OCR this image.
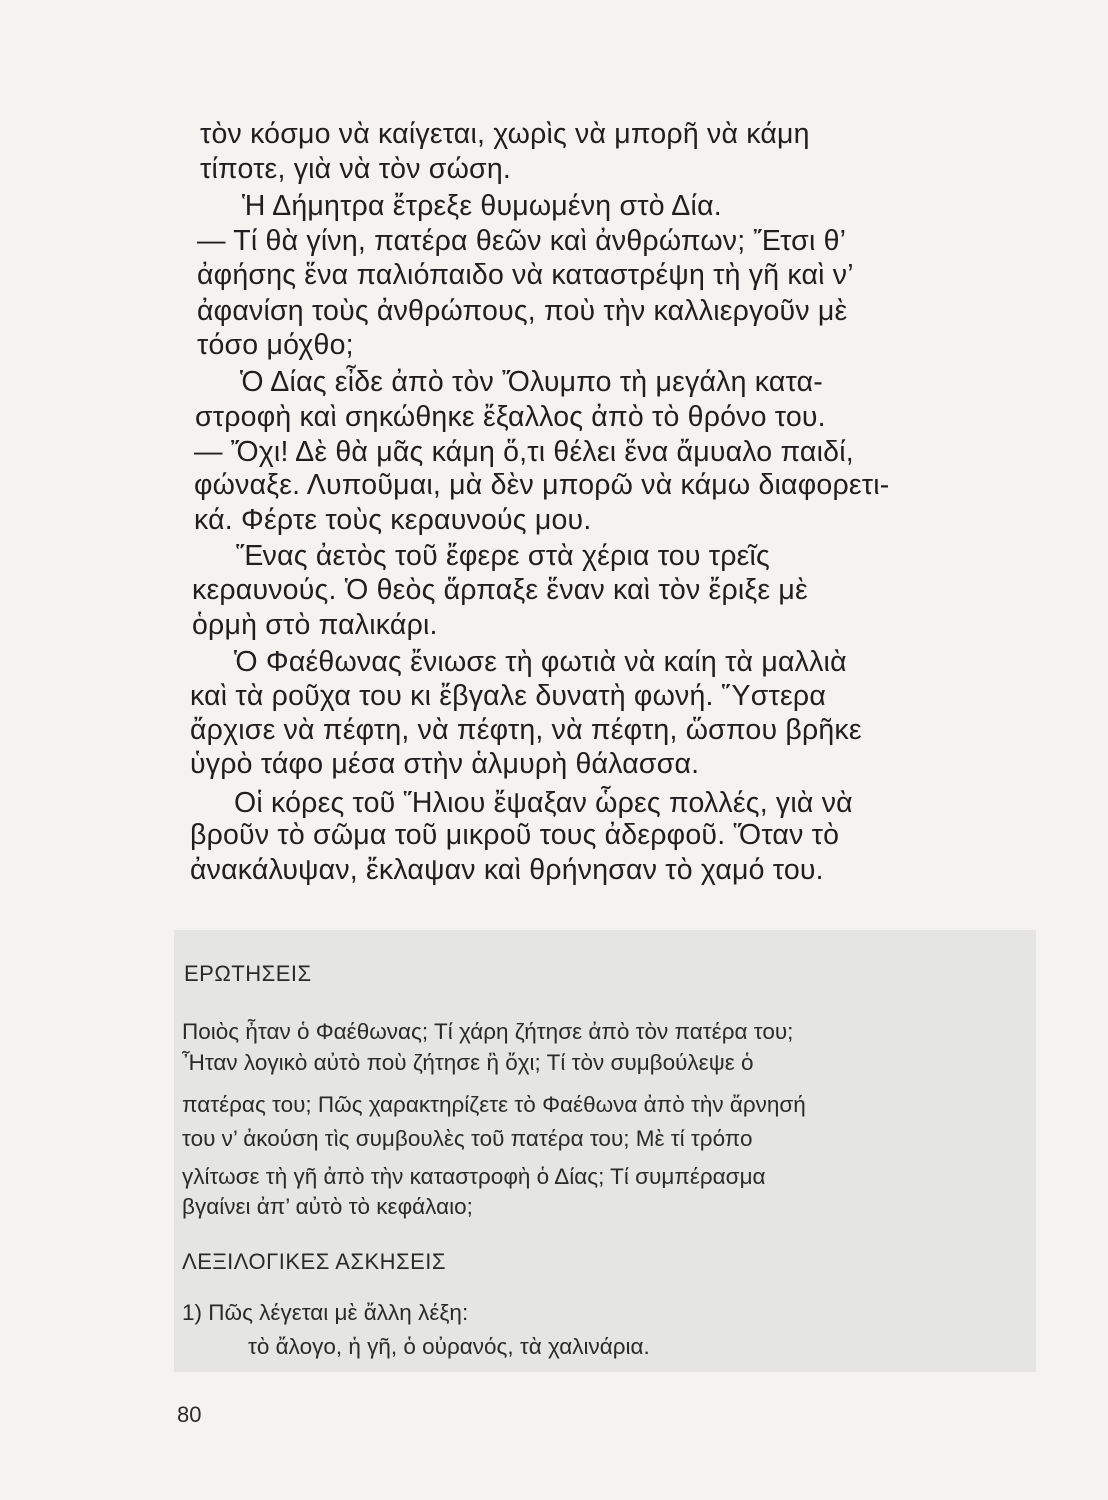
τὸν κόσμο νὰ καίγεται, χωρὶς νὰ μπορῆ νὰ κάμη
τίποτε, γιὰ νὰ τὸν σώση.
Ἡ Δήμητρα ἔτρεξε θυμωμένη στὸ Δία.
— Τί θὰ γίνη, πατέρα θεῶν καὶ ἀνθρώπων; Ἔτσι θ’
ἀφήσης ἕνα παλιόπαιδο νὰ καταστρέψη τὴ γῆ καὶ ν’
ἀφανίση τοὺς ἀνθρώπους, ποὺ τὴν καλλιεργοῦν μὲ
τόσο μόχθο;
Ὁ Δίας εἶδε ἀπὸ τὸν Ὄλυμπο τὴ μεγάλη κατα-
στροφὴ καὶ σηκώθηκε ἔξαλλος ἀπὸ τὸ θρόνο του.
— Ὄχι! Δὲ θὰ μᾶς κάμη ὅ,τι θέλει ἕνα ἄμυαλο παιδί,
φώναξε. Λυποῦμαι, μὰ δὲν μπορῶ νὰ κάμω διαφορετι-
κά. Φέρτε τοὺς κεραυνούς μου.
Ἕνας ἀετὸς τοῦ ἔφερε στὰ χέρια του τρεῖς
κεραυνούς. Ὁ θεὸς ἅρπαξε ἕναν καὶ τὸν ἔριξε μὲ
ὁρμὴ στὸ παλικάρι.
Ὁ Φαέθωνας ἔνιωσε τὴ φωτιὰ νὰ καίη τὰ μαλλιὰ
καὶ τὰ ροῦχα του κι ἔβγαλε δυνατὴ φωνή. Ὕστερα
ἄρχισε νὰ πέφτη, νὰ πέφτη, νὰ πέφτη, ὥσπου βρῆκε
ὑγρὸ τάφο μέσα στὴν ἁλμυρὴ θάλασσα.
Οἱ κόρες τοῦ Ἥλιου ἔψαξαν ὧρες πολλές, γιὰ νὰ
βροῦν τὸ σῶμα τοῦ μικροῦ τους ἀδερφοῦ. Ὅταν τὸ
ἀνακάλυψαν, ἔκλαψαν καὶ θρήνησαν τὸ χαμό του.
ΕΡΩΤΗΣΕΙΣ
Ποιὸς ἦταν ὁ Φαέθωνας; Τί χάρη ζήτησε ἀπὸ τὸν πατέρα του;
Ἦταν λογικὸ αὐτὸ ποὺ ζήτησε ἢ ὄχι; Τί τὸν συμβούλεψε ὁ
πατέρας του; Πῶς χαρακτηρίζετε τὸ Φαέθωνα ἀπὸ τὴν ἄρνησή
του ν’ ἀκούση τὶς συμβουλὲς τοῦ πατέρα του; Μὲ τί τρόπο
γλίτωσε τὴ γῆ ἀπὸ τὴν καταστροφὴ ὁ Δίας; Τί συμπέρασμα
βγαίνει ἀπ’ αὐτὸ τὸ κεφάλαιο;
ΛΕΞΙΛΟΓΙΚΕΣ ΑΣΚΗΣΕΙΣ
1) Πῶς λέγεται μὲ ἄλλη λέξη:
τὸ ἄλογο, ἡ γῆ, ὁ οὐρανός, τὰ χαλινάρια.
80
